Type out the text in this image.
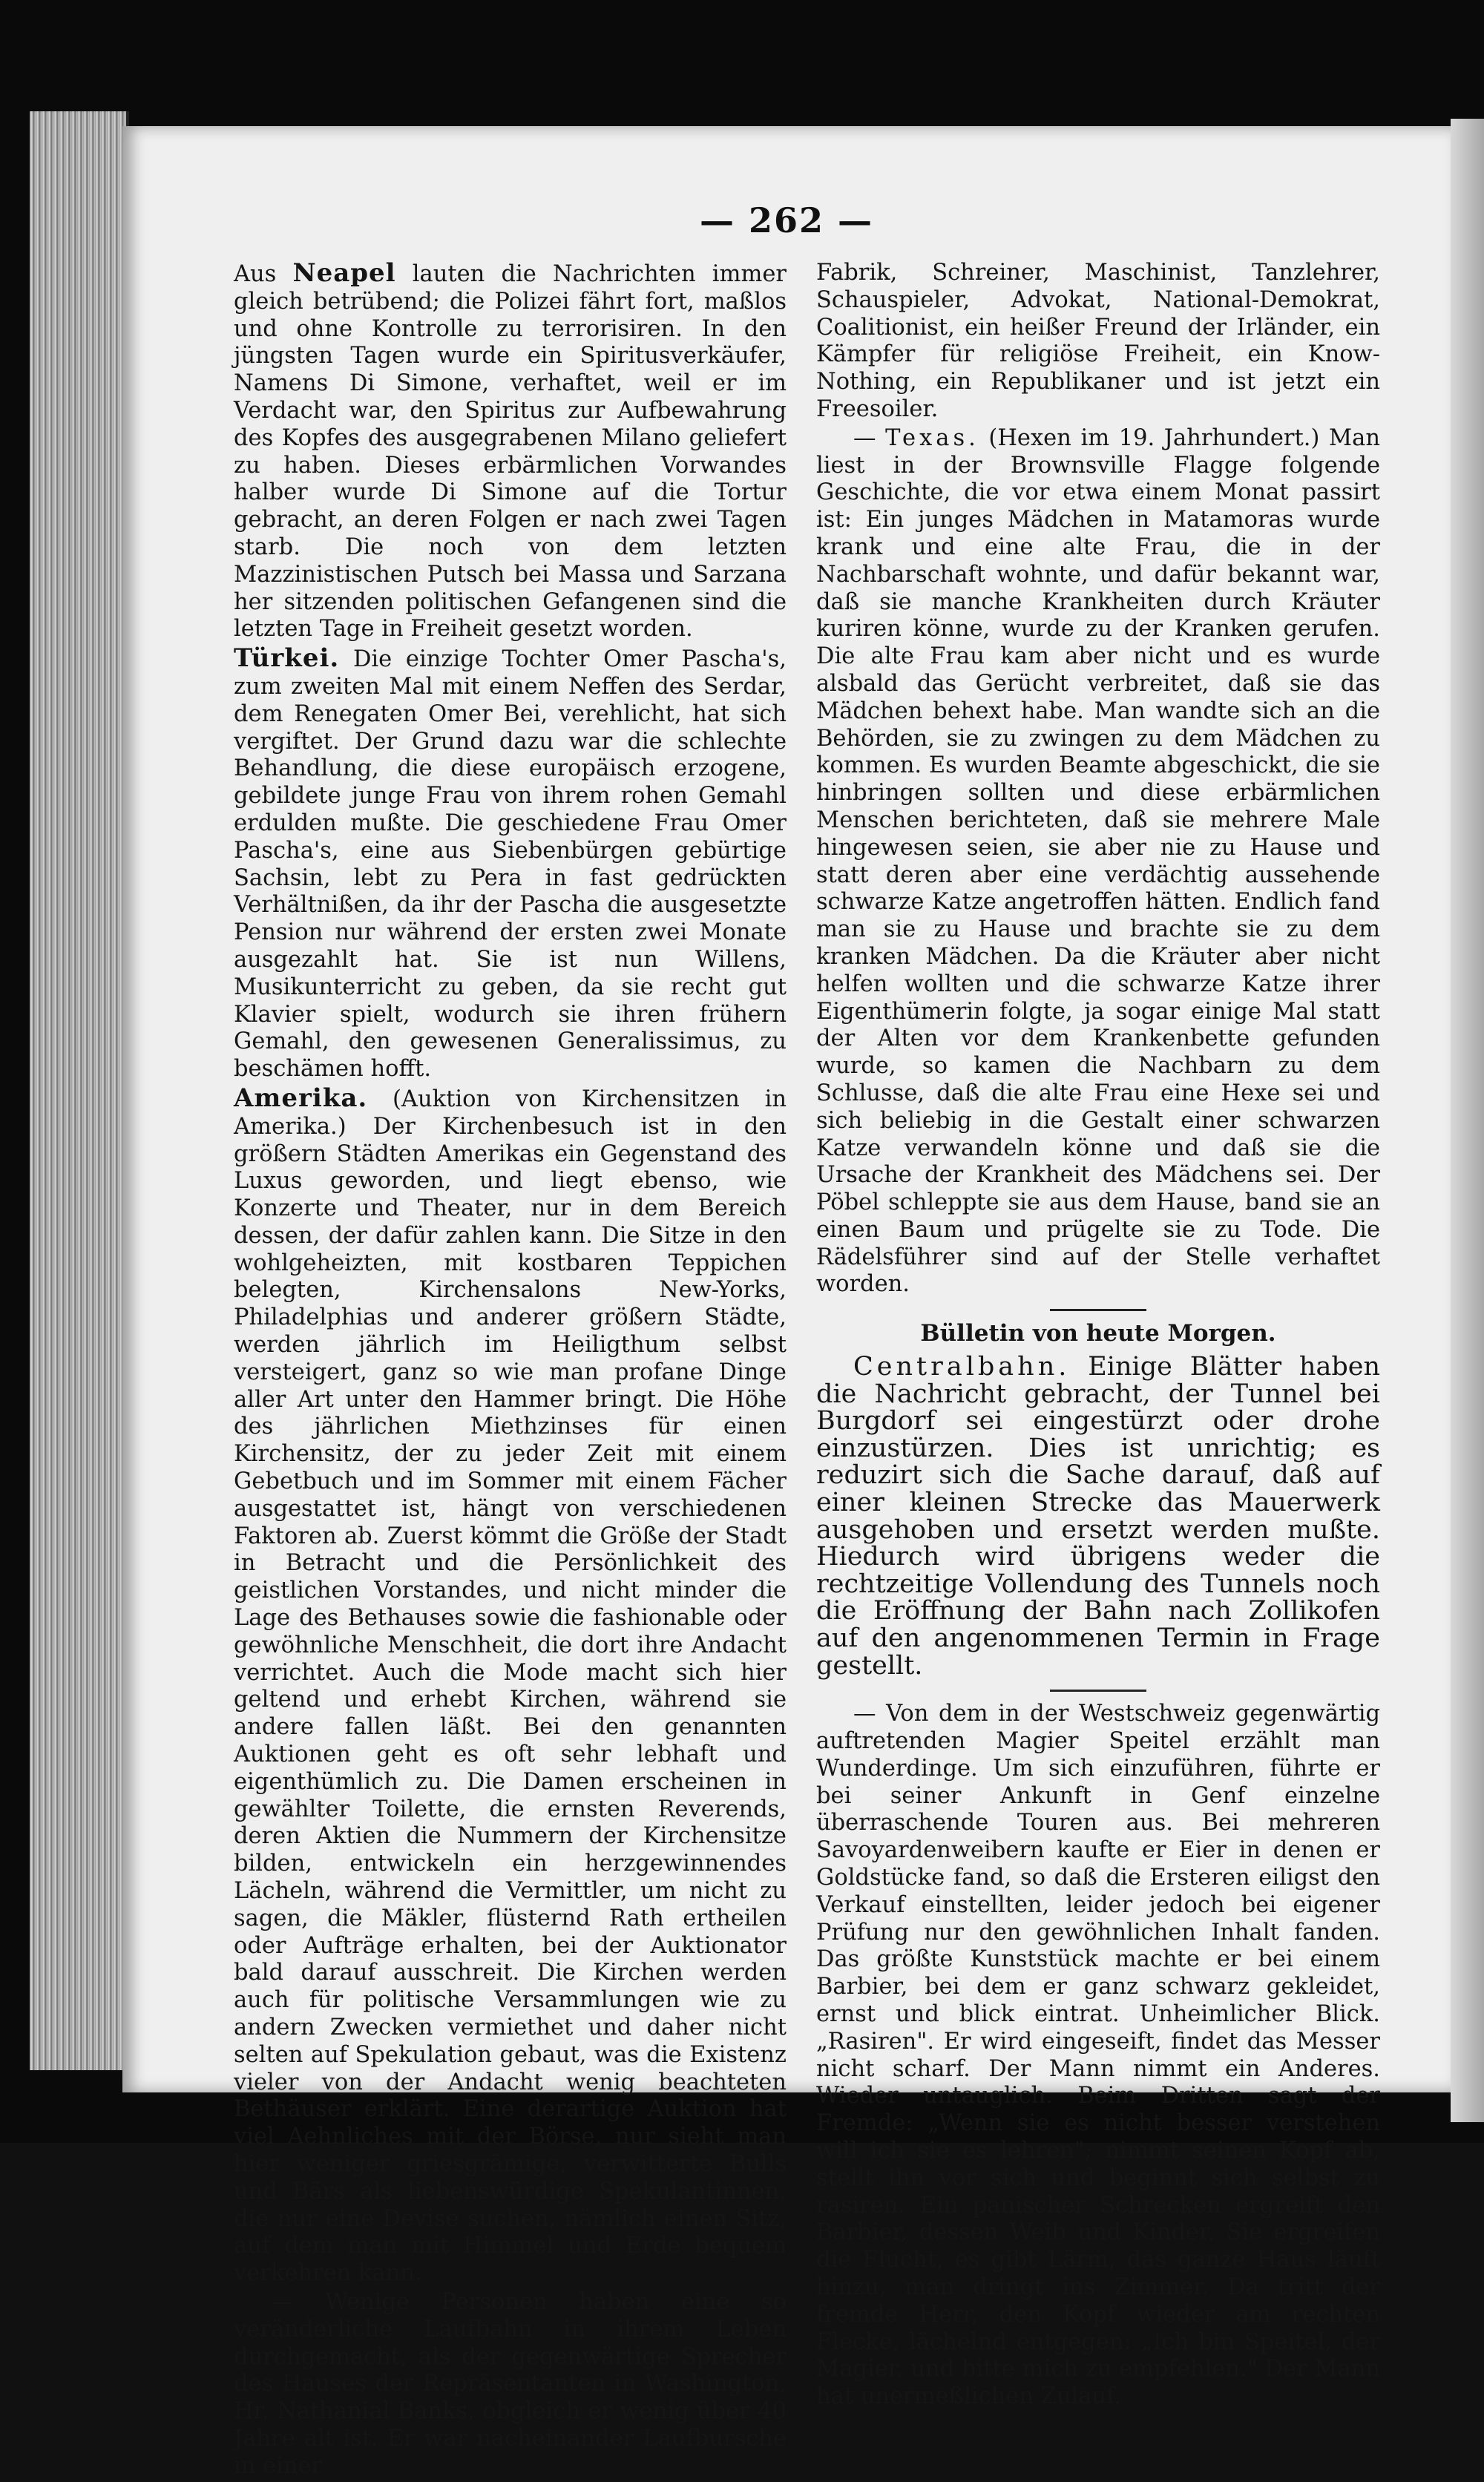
— 262 —

Aus Neapel lauten die Nachrichten immer gleich betrübend; die Polizei fährt fort, maßlos und ohne Kontrolle zu terrorisiren. In den jüngsten Tagen wurde ein Spiritusverkäufer, Namens Di Simone, verhaftet, weil er im Verdacht war, den Spiritus zur Aufbewahrung des Kopfes des ausgegrabenen Milano geliefert zu haben. Dieses erbärmlichen Vorwandes halber wurde Di Simone auf die Tortur gebracht, an deren Folgen er nach zwei Tagen starb. Die noch von dem letzten Mazzinistischen Putsch bei Massa und Sarzana her sitzenden politischen Gefangenen sind die letzten Tage in Freiheit gesetzt worden.

Türkei. Die einzige Tochter Omer Pascha's, zum zweiten Mal mit einem Neffen des Serdar, dem Renegaten Omer Bei, verehlicht, hat sich vergiftet. Der Grund dazu war die schlechte Behandlung, die diese europäisch erzogene, gebildete junge Frau von ihrem rohen Gemahl erdulden mußte. Die geschiedene Frau Omer Pascha's, eine aus Siebenbürgen gebürtige Sachsin, lebt zu Pera in fast gedrückten Verhältnißen, da ihr der Pascha die ausgesetzte Pension nur während der ersten zwei Monate ausgezahlt hat. Sie ist nun Willens, Musikunterricht zu geben, da sie recht gut Klavier spielt, wodurch sie ihren frühern Gemahl, den gewesenen Generalissimus, zu beschämen hofft.

Amerika. (Auktion von Kirchensitzen in Amerika.) Der Kirchenbesuch ist in den größern Städten Amerikas ein Gegenstand des Luxus geworden, und liegt ebenso, wie Konzerte und Theater, nur in dem Bereich dessen, der dafür zahlen kann. Die Sitze in den wohlgeheizten, mit kostbaren Teppichen belegten, Kirchensalons New-Yorks, Philadelphias und anderer größern Städte, werden jährlich im Heiligthum selbst versteigert, ganz so wie man profane Dinge aller Art unter den Hammer bringt. Die Höhe des jährlichen Miethzinses für einen Kirchensitz, der zu jeder Zeit mit einem Gebetbuch und im Sommer mit einem Fächer ausgestattet ist, hängt von verschiedenen Faktoren ab. Zuerst kömmt die Größe der Stadt in Betracht und die Persönlichkeit des geistlichen Vorstandes, und nicht minder die Lage des Bethauses sowie die fashionable oder gewöhnliche Menschheit, die dort ihre Andacht verrichtet. Auch die Mode macht sich hier geltend und erhebt Kirchen, während sie andere fallen läßt. Bei den genannten Auktionen geht es oft sehr lebhaft und eigenthümlich zu. Die Damen erscheinen in gewählter Toilette, die ernsten Reverends, deren Aktien die Nummern der Kirchensitze bilden, entwickeln ein herzgewinnendes Lächeln, während die Vermittler, um nicht zu sagen, die Mäkler, flüsternd Rath ertheilen oder Aufträge erhalten, bei der Auktionator bald darauf ausschreit. Die Kirchen werden auch für politische Versammlungen wie zu andern Zwecken vermiethet und daher nicht selten auf Spekulation gebaut, was die Existenz vieler von der Andacht wenig beachteten Bethäuser erklärt. Eine derartige Auktion hat viel Aehnliches mit der Börse, nur sieht man hier weniger griesgrämige, verwitterte Bulls und Bärs als liebenswürdige Spekulantinnen, die nur eine Devise suchen, nämlich einen Sitz, auf dem man mit Himmel und Erde bequem verkehren kann.

— Wenige Personen haben eine so veränderliche Laufbahn in ihrem Leben durchgemacht, als der gegenwärtige Sprecher des Hauses der Repräsentanten in Washington, Hr. Nathanial Banks, obgleich er wenig über 40 Jahre alt ist. Er war nacheinander Laufbursche in einer

Fabrik, Schreiner, Maschinist, Tanzlehrer, Schauspieler, Advokat, National-Demokrat, Coalitionist, ein heißer Freund der Irländer, ein Kämpfer für religiöse Freiheit, ein Know-Nothing, ein Republikaner und ist jetzt ein Freesoiler.

— Texas. (Hexen im 19. Jahrhundert.) Man liest in der Brownsville Flagge folgende Geschichte, die vor etwa einem Monat passirt ist: Ein junges Mädchen in Matamoras wurde krank und eine alte Frau, die in der Nachbarschaft wohnte, und dafür bekannt war, daß sie manche Krankheiten durch Kräuter kuriren könne, wurde zu der Kranken gerufen. Die alte Frau kam aber nicht und es wurde alsbald das Gerücht verbreitet, daß sie das Mädchen behext habe. Man wandte sich an die Behörden, sie zu zwingen zu dem Mädchen zu kommen. Es wurden Beamte abgeschickt, die sie hinbringen sollten und diese erbärmlichen Menschen berichteten, daß sie mehrere Male hingewesen seien, sie aber nie zu Hause und statt deren aber eine verdächtig aussehende schwarze Katze angetroffen hätten. Endlich fand man sie zu Hause und brachte sie zu dem kranken Mädchen. Da die Kräuter aber nicht helfen wollten und die schwarze Katze ihrer Eigenthümerin folgte, ja sogar einige Mal statt der Alten vor dem Krankenbette gefunden wurde, so kamen die Nachbarn zu dem Schlusse, daß die alte Frau eine Hexe sei und sich beliebig in die Gestalt einer schwarzen Katze verwandeln könne und daß sie die Ursache der Krankheit des Mädchens sei. Der Pöbel schleppte sie aus dem Hause, band sie an einen Baum und prügelte sie zu Tode. Die Rädelsführer sind auf der Stelle verhaftet worden.

Bülletin von heute Morgen.

Centralbahn. Einige Blätter haben die Nachricht gebracht, der Tunnel bei Burgdorf sei eingestürzt oder drohe einzustürzen. Dies ist unrichtig; es reduzirt sich die Sache darauf, daß auf einer kleinen Strecke das Mauerwerk ausgehoben und ersetzt werden mußte. Hiedurch wird übrigens weder die rechtzeitige Vollendung des Tunnels noch die Eröffnung der Bahn nach Zollikofen auf den angenommenen Termin in Frage gestellt.

— Von dem in der Westschweiz gegenwärtig auftretenden Magier Speitel erzählt man Wunderdinge. Um sich einzuführen, führte er bei seiner Ankunft in Genf einzelne überraschende Touren aus. Bei mehreren Savoyardenweibern kaufte er Eier in denen er Goldstücke fand, so daß die Ersteren eiligst den Verkauf einstellten, leider jedoch bei eigener Prüfung nur den gewöhnlichen Inhalt fanden. Das größte Kunststück machte er bei einem Barbier, bei dem er ganz schwarz gekleidet, ernst und blick eintrat. Unheimlicher Blick. „Rasiren". Er wird eingeseift, findet das Messer nicht scharf. Der Mann nimmt ein Anderes. Wieder untauglich. Beim Dritten sagt der Fremde: „Wenn sie es nicht besser verstehen will ich sie es lehren"; nimmt seinen Kopf ab, stellt ihn vor sich und beginnt sich selbst zu rasiren. Ein panischer Schrecken ergreift den Barbier, dessen Weib und Kinder. Sie ergreifen die Flucht, es gibt Lärm, das ganze Haus läuft hinzu, man dringt ins Zimmer. Da tritt der fremde Herr, den Kopf wieder am rechten Flecke, lächelnd entgegen: „Ich bin Speitel, der Magier, und bitte mich zu empfehlen." Der Mann hat unermeßlichen Zulauf.
